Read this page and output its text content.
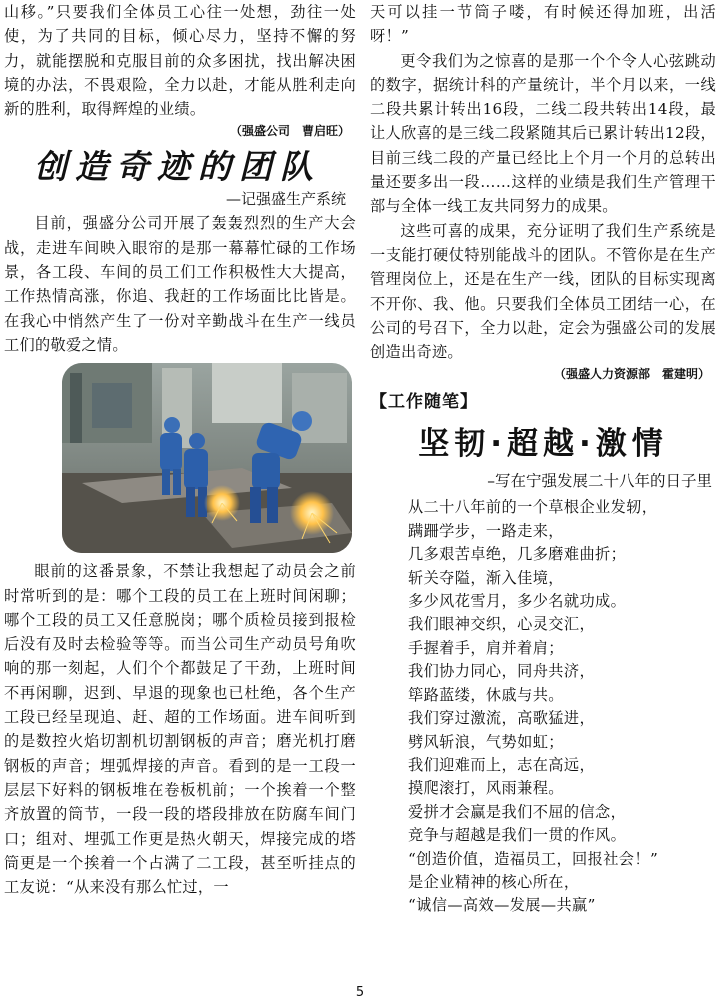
山移。”只要我们全体员工心往一处想，劲往一处使，为了共同的目标，倾心尽力，坚持不懈的努力，就能摆脱和克服目前的众多困扰，找出解决困境的办法，不畏艰险，全力以赴，才能从胜利走向新的胜利，取得辉煌的业绩。

（强盛公司　曹启旺）
创造奇迹的团队
—记强盛生产系统

目前，强盛分公司开展了轰轰烈烈的生产大会战，走进车间映入眼帘的是那一幕幕忙碌的工作场景，各工段、车间的员工们工作积极性大大提高，工作热情高涨，你追、我赶的工作场面比比皆是。在我心中悄然产生了一份对辛勤战斗在生产一线员工们的敬爱之情。

眼前的这番景象，不禁让我想起了动员会之前时常听到的是：哪个工段的员工在上班时间闲聊；哪个工段的员工又任意脱岗；哪个质检员接到报检后没有及时去检验等等。而当公司生产动员号角吹响的那一刻起，人们个个都鼓足了干劲，上班时间不再闲聊，迟到、早退的现象也已杜绝，各个生产工段已经呈现追、赶、超的工作场面。进车间听到的是数控火焰切割机切割钢板的声音；磨光机打磨钢板的声音；埋弧焊接的声音。看到的是一工段一层层下好料的钢板堆在卷板机前；一个挨着一个整齐放置的筒节，一段一段的塔段排放在防腐车间门口；组对、埋弧工作更是热火朝天，焊接完成的塔筒更是一个挨着一个占满了二工段，甚至听挂点的工友说：“从来没有那么忙过，一

天可以挂一节筒子喽，有时候还得加班，出活呀！”

更令我们为之惊喜的是那一个个令人心弦跳动的数字，据统计科的产量统计，半个月以来，一线二段共累计转出16段，二线二段共转出14段，最让人欣喜的是三线二段紧随其后已累计转出12段，目前三线二段的产量已经比上个月一个月的总转出量还要多出一段……这样的业绩是我们生产管理干部与全体一线工友共同努力的成果。

这些可喜的成果，充分证明了我们生产系统是一支能打硬仗特别能战斗的团队。不管你是在生产管理岗位上，还是在生产一线，团队的目标实现离不开你、我、他。只要我们全体员工团结一心，在公司的号召下，全力以赴，定会为强盛公司的发展创造出奇迹。

（强盛人力资源部　霍建明）
【工作随笔】
坚韧·超越·激情
–写在宁强发展二十八年的日子里
从二十八年前的一个草根企业发轫，
蹒跚学步，一路走来，
几多艰苦卓绝，几多磨难曲折；
斩关夺隘，渐入佳境，
多少风花雪月，多少名就功成。
我们眼神交织，心灵交汇，
手握着手，肩并着肩；
我们协力同心，同舟共济，
筚路蓝缕，休戚与共。
我们穿过激流，高歌猛进，
劈风斩浪，气势如虹；
我们迎难而上，志在高远，
摸爬滚打，风雨兼程。
爱拼才会赢是我们不屈的信念，
竞争与超越是我们一贯的作风。
“创造价值，造福员工，回报社会！”
是企业精神的核心所在，
“诚信—高效—发展—共赢”
5
